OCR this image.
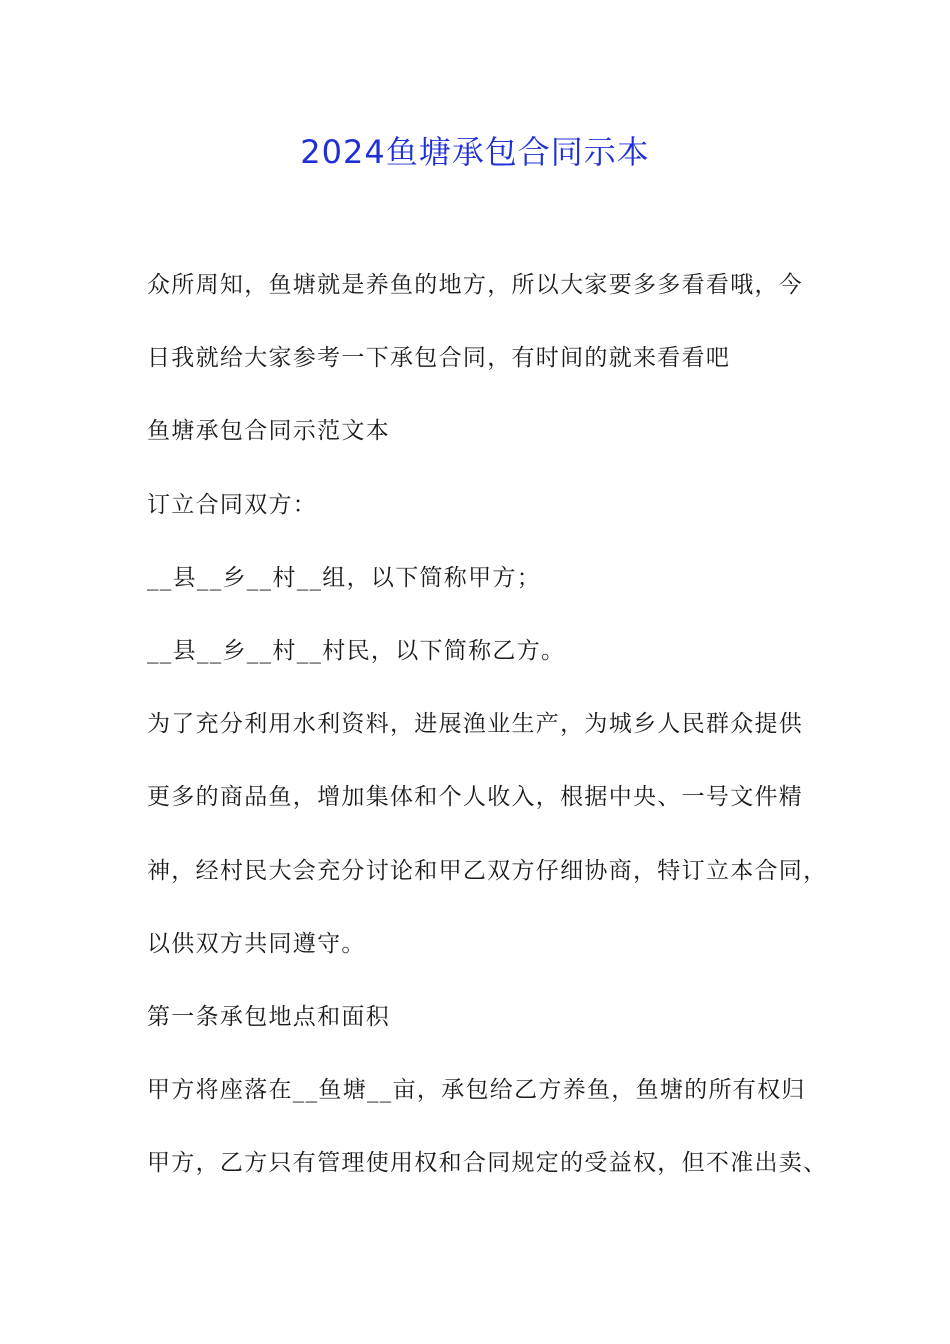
2024鱼塘承包合同示本
众所周知，鱼塘就是养鱼的地方，所以大家要多多看看哦，今
日我就给大家参考一下承包合同，有时间的就来看看吧
鱼塘承包合同示范文本
订立合同双方：
__县__乡__村__组，以下简称甲方；
__县__乡__村__村民，以下简称乙方。
为了充分利用水利资料，进展渔业生产，为城乡人民群众提供
更多的商品鱼，增加集体和个人收入，根据中央、一号文件精
神，经村民大会充分讨论和甲乙双方仔细协商，特订立本合同，
以供双方共同遵守。
第一条承包地点和面积
甲方将座落在__鱼塘__亩，承包给乙方养鱼，鱼塘的所有权归
甲方，乙方只有管理使用权和合同规定的受益权，但不准出卖、
